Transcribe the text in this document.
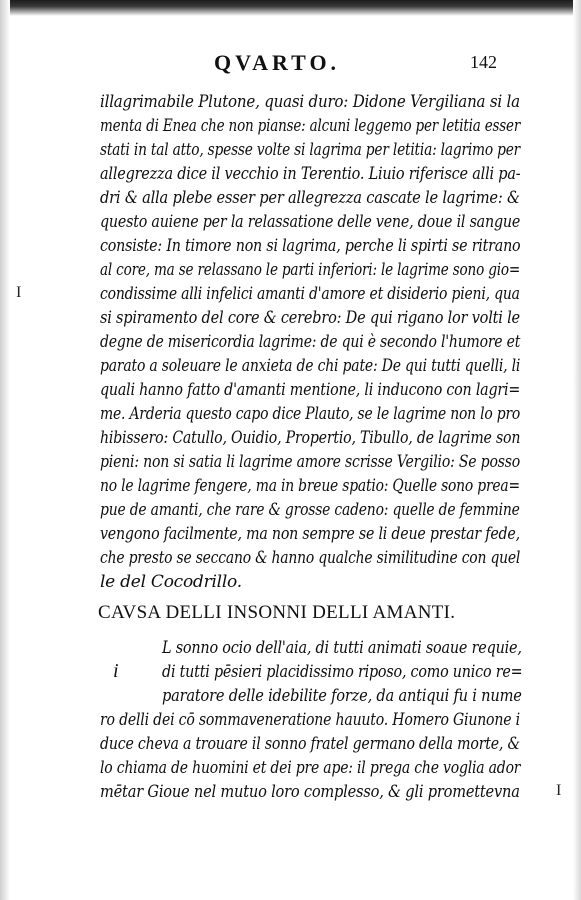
QVARTO.	142
illagrimabile Plutone, quasi duro: Didone Vergiliana si la
menta di Enea che non pianse: alcuni leggemo per letitia esser
stati in tal atto, spesse volte si lagrima per letitia: lagrimo per
allegrezza dice il vecchio in Terentio. Liuio riferisce alli pa-
dri & alla plebe esser per allegrezza cascate le lagrime: &
questo auiene per la relassatione delle vene, doue il sangue
consiste: In timore non si lagrima, perche li spirti se ritrano
al core, ma se relassano le parti inferiori: le lagrime sono gio=
condissime alli infelici amanti d'amore et disiderio pieni, qua
si spiramento del core & cerebro: De qui rigano lor volti le
degne de misericordia lagrime: de qui è secondo l'humore et
parato a soleuare le anxieta de chi pate: De qui tutti quelli, li
quali hanno fatto d'amanti mentione, li inducono con lagri=
me. Arderia questo capo dice Plauto, se le lagrime non lo pro
hibissero: Catullo, Ouidio, Propertio, Tibullo, de lagrime son
pieni: non si satia li lagrime amore scrisse Vergilio: Se posso
no le lagrime fengere, ma in breue spatio: Quelle sono prea=
pue de amanti, che rare & grosse cadeno: quelle de femmine
vengono facilmente, ma non sempre se li deue prestar fede,
che presto se seccano & hanno qualche similitudine con quel
le del Cocodrillo.
CAVSA DELLI INSONNI DELLI AMANTI.
i
L sonno ocio dell'aia, di tutti animati soaue requie,
di tutti pēsieri placidissimo riposo, como unico re=
paratore delle idebilite forze, da antiqui fu i nume
ro delli dei cō sommaveneratione hauuto. Homero Giunone i
duce cheva a trouare il sonno fratel germano della morte, &
lo chiama de huomini et dei pre ape: il prega che voglia ador
mētar Gioue nel mutuo loro complesso, & gli promettevna
I
I
